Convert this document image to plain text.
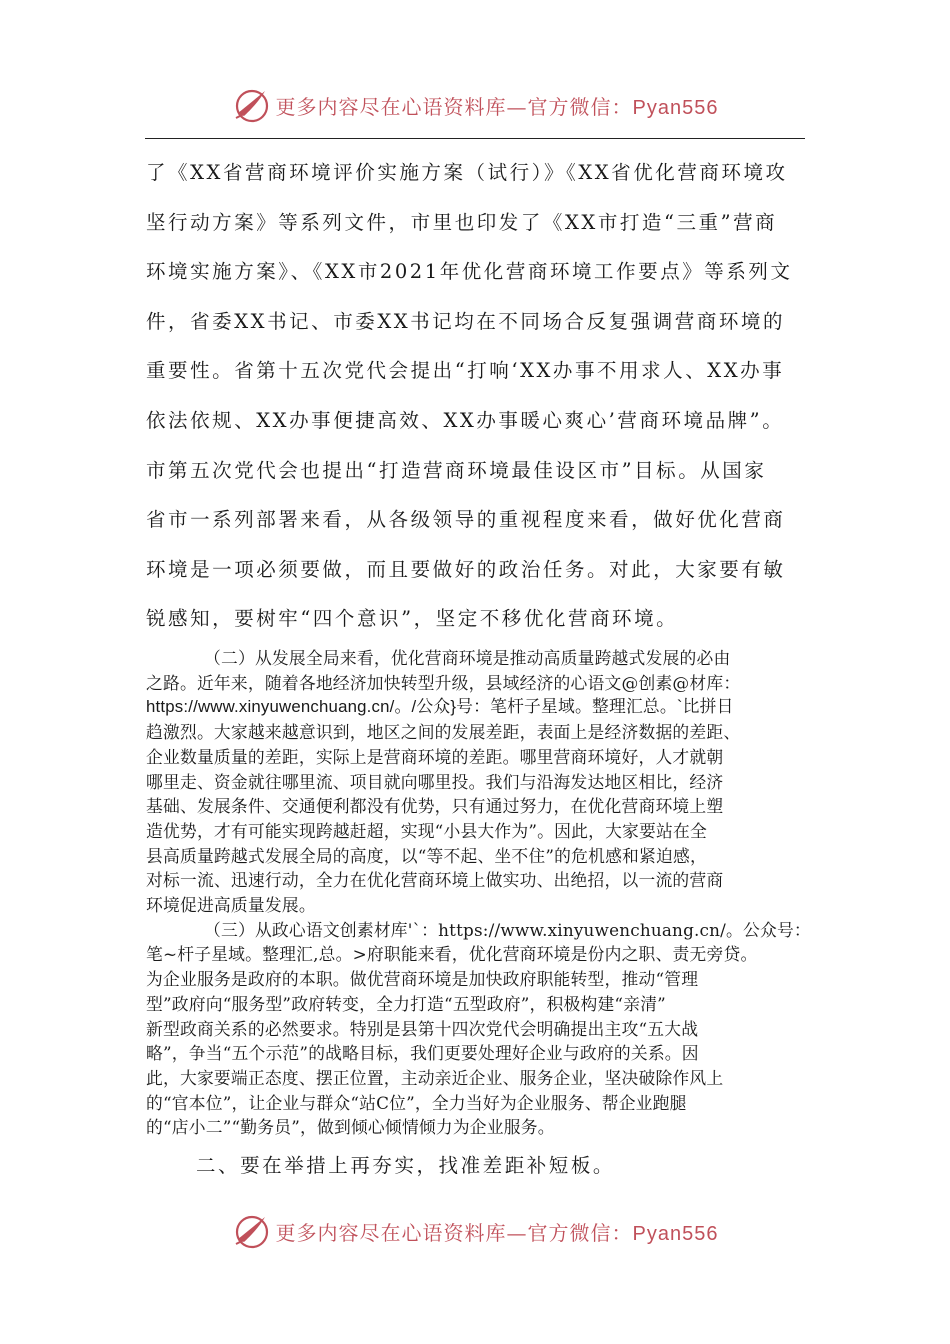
更多内容尽在心语资料库—官方微信：Pyan556
了《XX省营商环境评价实施方案（试行）》《XX省优化营商环境攻
坚行动方案》等系列文件，市里也印发了《XX市打造“三重”营商
环境实施方案》、《XX市2021年优化营商环境工作要点》等系列文
件，省委XX书记、市委XX书记均在不同场合反复强调营商环境的
重要性。省第十五次党代会提出“打响‘XX办事不用求人、XX办事
依法依规、XX办事便捷高效、XX办事暖心爽心’营商环境品牌”。
市第五次党代会也提出“打造营商环境最佳设区市”目标。从国家
省市一系列部署来看，从各级领导的重视程度来看，做好优化营商
环境是一项必须要做，而且要做好的政治任务。对此，大家要有敏
锐感知，要树牢“四个意识”，坚定不移优化营商环境。
（二）从发展全局来看，优化营商环境是推动高质量跨越式发展的必由
之路。近年来，随着各地经济加快转型升级，县域经济的心语文@创素@材库：
https://www.xinyuwenchuang.cn/。/公众}号：笔杆子星域。整理汇总。`比拼日
趋激烈。大家越来越意识到，地区之间的发展差距，表面上是经济数据的差距、
企业数量质量的差距，实际上是营商环境的差距。哪里营商环境好，人才就朝
哪里走、资金就往哪里流、项目就向哪里投。我们与沿海发达地区相比，经济
基础、发展条件、交通便利都没有优势，只有通过努力，在优化营商环境上塑
造优势，才有可能实现跨越赶超，实现“小县大作为”。因此，大家要站在全
县高质量跨越式发展全局的高度，以“等不起、坐不住”的危机感和紧迫感，
对标一流、迅速行动，全力在优化营商环境上做实功、出绝招，以一流的营商
环境促进高质量发展。
（三）从政心语文创素材库'`：https://www.xinyuwenchuang.cn/。公众号：
笔~杆子星域。整理汇,总。>府职能来看，优化营商环境是份内之职、责无旁贷。
为企业服务是政府的本职。做优营商环境是加快政府职能转型，推动“管理
型”政府向“服务型”政府转变，全力打造“五型政府”，积极构建“亲清”
新型政商关系的必然要求。特别是县第十四次党代会明确提出主攻“五大战
略”，争当“五个示范”的战略目标，我们更要处理好企业与政府的关系。因
此，大家要端正态度、摆正位置，主动亲近企业、服务企业，坚决破除作风上
的“官本位”，让企业与群众“站C位”，全力当好为企业服务、帮企业跑腿
的“店小二”“勤务员”，做到倾心倾情倾力为企业服务。
二、要在举措上再夯实，找准差距补短板。
更多内容尽在心语资料库—官方微信：Pyan556
